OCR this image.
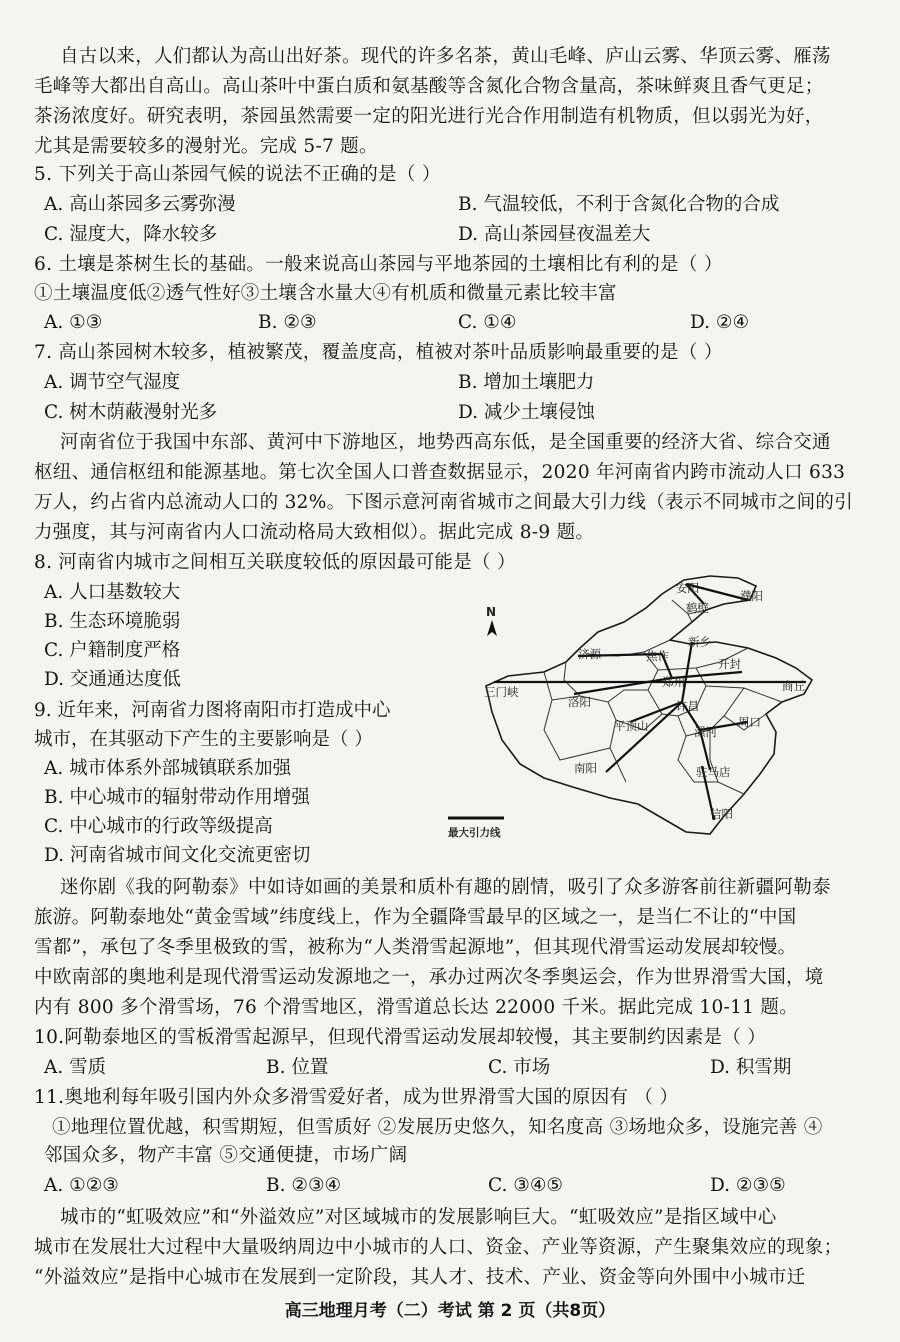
自古以来，人们都认为高山出好茶。现代的许多名茶，黄山毛峰、庐山云雾、华顶云雾、雁荡
毛峰等大都出自高山。高山茶叶中蛋白质和氨基酸等含氮化合物含量高，茶味鲜爽且香气更足；
茶汤浓度好。研究表明，茶园虽然需要一定的阳光进行光合作用制造有机物质，但以弱光为好，
尤其是需要较多的漫射光。完成 5-7 题。
5. 下列关于高山茶园气候的说法不正确的是（ ）
A. 高山茶园多云雾弥漫	B. 气温较低，不利于含氮化合物的合成
C. 湿度大，降水较多	D. 高山茶园昼夜温差大
6. 土壤是茶树生长的基础。一般来说高山茶园与平地茶园的土壤相比有利的是（ ）
①土壤温度低②透气性好③土壤含水量大④有机质和微量元素比较丰富
A. ①③	B. ②③	C. ①④	D. ②④
7. 高山茶园树木较多，植被繁茂，覆盖度高，植被对茶叶品质影响最重要的是（ ）
A. 调节空气湿度	B. 增加土壤肥力
C. 树木荫蔽漫射光多	D. 减少土壤侵蚀
河南省位于我国中东部、黄河中下游地区，地势西高东低，是全国重要的经济大省、综合交通
枢纽、通信枢纽和能源基地。第七次全国人口普查数据显示，2020 年河南省内跨市流动人口 633
万人，约占省内总流动人口的 32%。下图示意河南省城市之间最大引力线（表示不同城市之间的引
力强度，其与河南省内人口流动格局大致相似）。据此完成 8-9 题。
8. 河南省内城市之间相互关联度较低的原因最可能是（ ）
A. 人口基数较大
B. 生态环境脆弱
C. 户籍制度严格
D. 交通通达度低
9. 近年来，河南省力图将南阳市打造成中心
城市，在其驱动下产生的主要影响是（ ）
A. 城市体系外部城镇联系加强
B. 中心城市的辐射带动作用增强
C. 中心城市的行政等级提高
D. 河南省城市间文化交流更密切
安阳
濮阳
鹤壁
新乡
济源	焦作
开封
郑州
三门峡
洛阳
商丘
许昌
平顶山	漯河
周口
南阳	驻马店
信阳
N
最大引力线
迷你剧《我的阿勒泰》中如诗如画的美景和质朴有趣的剧情，吸引了众多游客前往新疆阿勒泰
旅游。阿勒泰地处“黄金雪域”纬度线上，作为全疆降雪最早的区域之一，是当仁不让的“中国
雪都”，承包了冬季里极致的雪，被称为“人类滑雪起源地”，但其现代滑雪运动发展却较慢。
中欧南部的奥地利是现代滑雪运动发源地之一，承办过两次冬季奥运会，作为世界滑雪大国，境
内有 800 多个滑雪场，76 个滑雪地区，滑雪道总长达 22000 千米。据此完成 10-11 题。
10.阿勒泰地区的雪板滑雪起源早，但现代滑雪运动发展却较慢，其主要制约因素是（ ）
A. 雪质	B. 位置	C. 市场	D. 积雪期
11.奥地利每年吸引国内外众多滑雪爱好者，成为世界滑雪大国的原因有 （ ）
①地理位置优越，积雪期短，但雪质好 ②发展历史悠久，知名度高 ③场地众多，设施完善 ④
邻国众多，物产丰富 ⑤交通便捷，市场广阔
A. ①②③	B. ②③④	C. ③④⑤	D. ②③⑤
城市的“虹吸效应”和“外溢效应”对区域城市的发展影响巨大。“虹吸效应”是指区域中心
城市在发展壮大过程中大量吸纳周边中小城市的人口、资金、产业等资源，产生聚集效应的现象；
“外溢效应”是指中心城市在发展到一定阶段，其人才、技术、产业、资金等向外围中小城市迁
高三地理月考（二）考试 第 2 页（共8页）
